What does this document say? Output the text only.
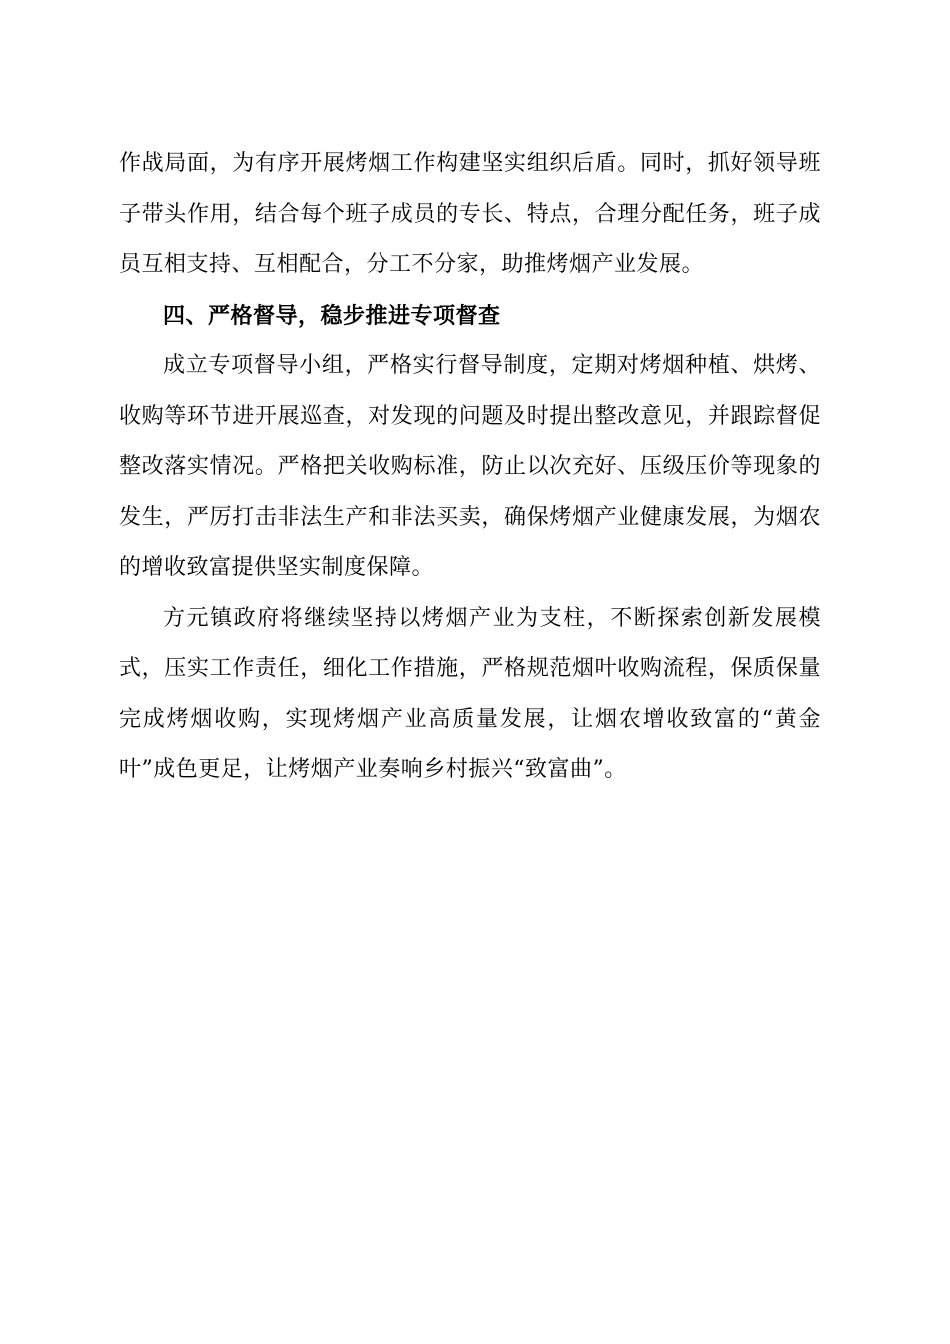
作战局面，为有序开展烤烟工作构建坚实组织后盾。同时，抓好领导班子带头作用，结合每个班子成员的专长、特点，合理分配任务，班子成员互相支持、互相配合，分工不分家，助推烤烟产业发展。

四、严格督导，稳步推进专项督查

成立专项督导小组，严格实行督导制度，定期对烤烟种植、烘烤、收购等环节进开展巡查，对发现的问题及时提出整改意见，并跟踪督促整改落实情况。严格把关收购标准，防止以次充好、压级压价等现象的发生，严厉打击非法生产和非法买卖，确保烤烟产业健康发展，为烟农的增收致富提供坚实制度保障。

方元镇政府将继续坚持以烤烟产业为支柱，不断探索创新发展模式，压实工作责任，细化工作措施，严格规范烟叶收购流程，保质保量完成烤烟收购，实现烤烟产业高质量发展，让烟农增收致富的“黄金叶”成色更足，让烤烟产业奏响乡村振兴“致富曲”。
